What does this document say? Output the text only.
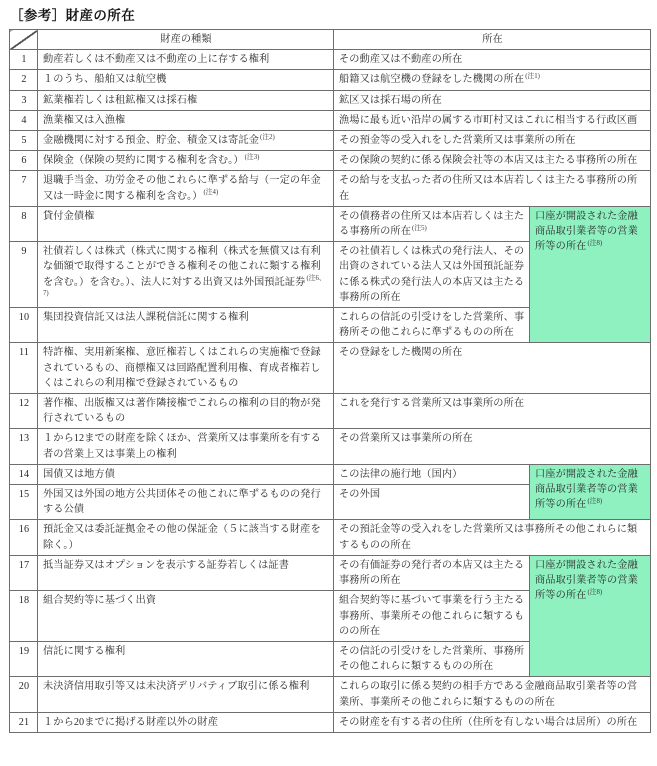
［参考］財産の所在
	財産の種類	所在	
1	動産若しくは不動産又は不動産の上に存する権利	その動産又は不動産の所在	
2	１のうち、船舶又は航空機	船籍又は航空機の登録をした機関の所在$^{(注1)}$
3	鉱業権若しくは租鉱権又は採石権	鉱区又は採石場の所在	
4	漁業権又は入漁権	漁場に最も近い沿岸の属する市町村又はこれに相当する行政区画	
5	金融機関に対する預金、貯金、積金又は寄託金$^{(注2)}$	その預金等の受入れをした営業所又は事業所の所在	
6	保険金（保険の契約に関する権利を含む。）$^{(注3)}$	その保険の契約に係る保険会社等の本店又は主たる事務所の所在	
7	退職手当金、功労金その他これらに準ずる給与（一定の年金又は一時金に関する権利を含む。）$^{(注4)}$	その給与を支払った者の住所又は本店若しくは主たる事務所の所在	
8	貸付金債権	その債務者の住所又は本店若しくは主たる事務所の所在$^{(注5)}$	口座が開設された金融商品取引業者等の営業所等の所在$^{(注8)}$
9	社債若しくは株式（株式に関する権利（株式を無償又は有利な価額で取得することができる権利その他これに類する権利を含む。）を含む。）、法人に対する出資又は外国預託証券$^{(注6、7)}$	その社債若しくは株式の発行法人、その出資のされている法人又は外国預託証券に係る株式の発行法人の本店又は主たる事務所の所在	
10	集団投資信託又は法人課税信託に関する権利	これらの信託の引受けをした営業所、事務所その他これらに準ずるものの所在	
11	特許権、実用新案権、意匠権若しくはこれらの実施権で登録されているもの、商標権又は回路配置利用権、育成者権若しくはこれらの利用権で登録されているもの	その登録をした機関の所在	
12	著作権、出版権又は著作隣接権でこれらの権利の目的物が発行されているもの	これを発行する営業所又は事業所の所在	
13	１から12までの財産を除くほか、営業所又は事業所を有する者の営業上又は事業上の権利	その営業所又は事業所の所在	
14	国債又は地方債	この法律の施行地（国内）	口座が開設された金融商品取引業者等の営業所等の所在$^{(注8)}$
15	外国又は外国の地方公共団体その他これに準ずるものの発行する公債	その外国	
16	預託金又は委託証拠金その他の保証金（５に該当する財産を除く。）	その預託金等の受入れをした営業所又は事務所その他これらに類するものの所在	
17	抵当証券又はオプションを表示する証券若しくは証書	その有価証券の発行者の本店又は主たる事務所の所在	口座が開設された金融商品取引業者等の営業所等の所在$^{(注8)}$
18	組合契約等に基づく出資	組合契約等に基づいて事業を行う主たる事務所、事業所その他これらに類するものの所在	
19	信託に関する権利	その信託の引受けをした営業所、事務所その他これらに類するものの所在	
20	未決済信用取引等又は未決済デリバティブ取引に係る権利	これらの取引に係る契約の相手方である金融商品取引業者等の営業所、事業所その他これらに類するものの所在	
21	１から20までに掲げる財産以外の財産	その財産を有する者の住所（住所を有しない場合は居所）の所在	
